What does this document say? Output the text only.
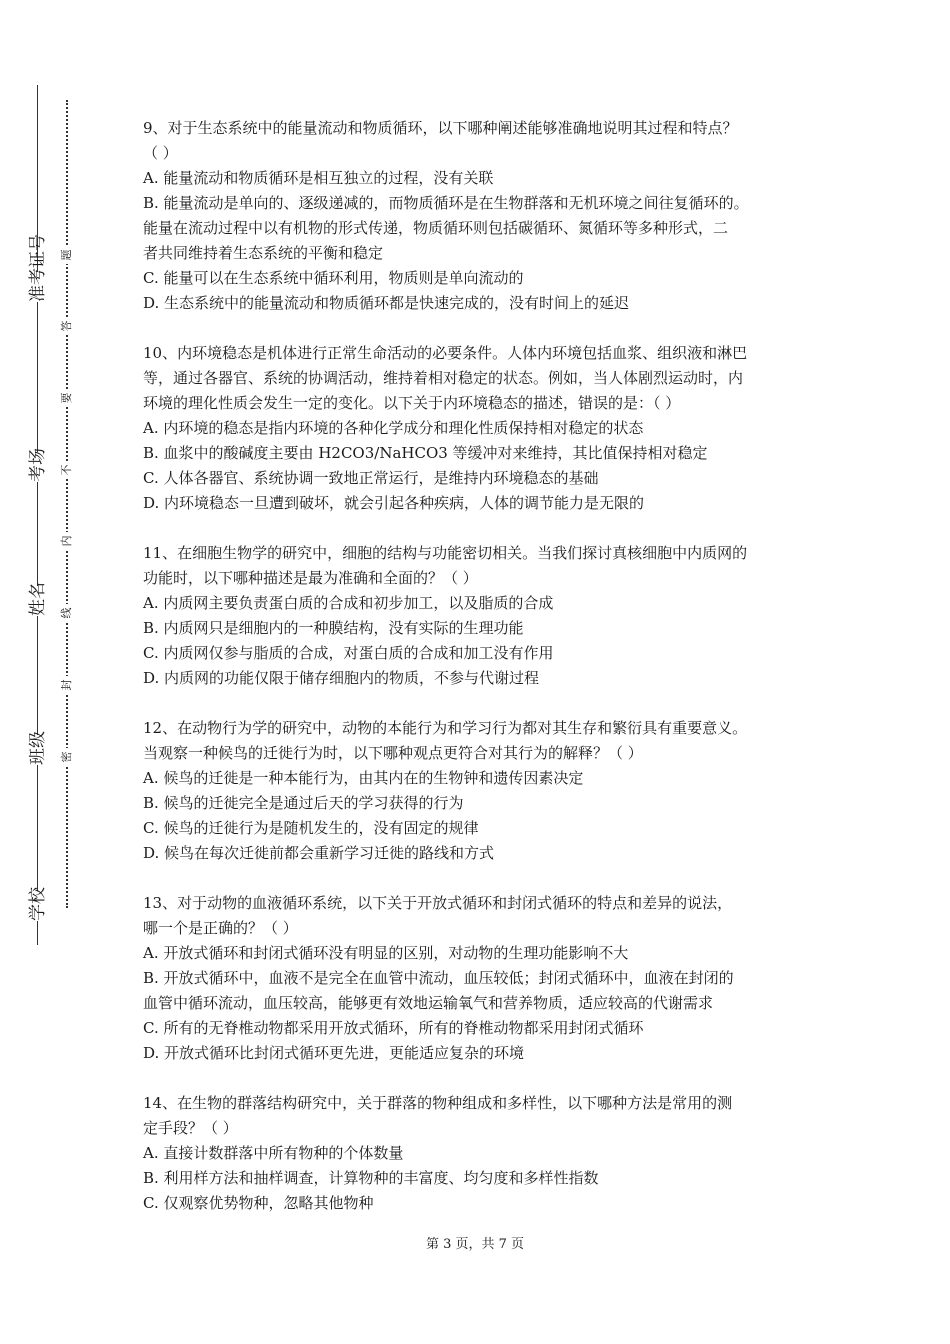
准考证号
考场
姓名
班级
学校
题
答
要
不
内
线
封
密
9、对于生态系统中的能量流动和物质循环，以下哪种阐述能够准确地说明其过程和特点？
（ ）
A. 能量流动和物质循环是相互独立的过程，没有关联
B. 能量流动是单向的、逐级递减的，而物质循环是在生物群落和无机环境之间往复循环的。
能量在流动过程中以有机物的形式传递，物质循环则包括碳循环、氮循环等多种形式，二
者共同维持着生态系统的平衡和稳定
C. 能量可以在生态系统中循环利用，物质则是单向流动的
D. 生态系统中的能量流动和物质循环都是快速完成的，没有时间上的延迟
10、内环境稳态是机体进行正常生命活动的必要条件。人体内环境包括血浆、组织液和淋巴
等，通过各器官、系统的协调活动，维持着相对稳定的状态。例如，当人体剧烈运动时，内
环境的理化性质会发生一定的变化。以下关于内环境稳态的描述，错误的是：（ ）
A. 内环境的稳态是指内环境的各种化学成分和理化性质保持相对稳定的状态
B. 血浆中的酸碱度主要由 H2CO3/NaHCO3 等缓冲对来维持，其比值保持相对稳定
C. 人体各器官、系统协调一致地正常运行，是维持内环境稳态的基础
D. 内环境稳态一旦遭到破坏，就会引起各种疾病，人体的调节能力是无限的
11、在细胞生物学的研究中，细胞的结构与功能密切相关。当我们探讨真核细胞中内质网的
功能时，以下哪种描述是最为准确和全面的？（ ）
A. 内质网主要负责蛋白质的合成和初步加工，以及脂质的合成
B. 内质网只是细胞内的一种膜结构，没有实际的生理功能
C. 内质网仅参与脂质的合成，对蛋白质的合成和加工没有作用
D. 内质网的功能仅限于储存细胞内的物质，不参与代谢过程
12、在动物行为学的研究中，动物的本能行为和学习行为都对其生存和繁衍具有重要意义。
当观察一种候鸟的迁徙行为时，以下哪种观点更符合对其行为的解释？（ ）
A. 候鸟的迁徙是一种本能行为，由其内在的生物钟和遗传因素决定
B. 候鸟的迁徙完全是通过后天的学习获得的行为
C. 候鸟的迁徙行为是随机发生的，没有固定的规律
D. 候鸟在每次迁徙前都会重新学习迁徙的路线和方式
13、对于动物的血液循环系统，以下关于开放式循环和封闭式循环的特点和差异的说法，
哪一个是正确的？（ ）
A. 开放式循环和封闭式循环没有明显的区别，对动物的生理功能影响不大
B. 开放式循环中，血液不是完全在血管中流动，血压较低；封闭式循环中，血液在封闭的
血管中循环流动，血压较高，能够更有效地运输氧气和营养物质，适应较高的代谢需求
C. 所有的无脊椎动物都采用开放式循环，所有的脊椎动物都采用封闭式循环
D. 开放式循环比封闭式循环更先进，更能适应复杂的环境
14、在生物的群落结构研究中，关于群落的物种组成和多样性，以下哪种方法是常用的测
定手段？（ ）
A. 直接计数群落中所有物种的个体数量
B. 利用样方法和抽样调查，计算物种的丰富度、均匀度和多样性指数
C. 仅观察优势物种，忽略其他物种
第 3 页，共 7 页
